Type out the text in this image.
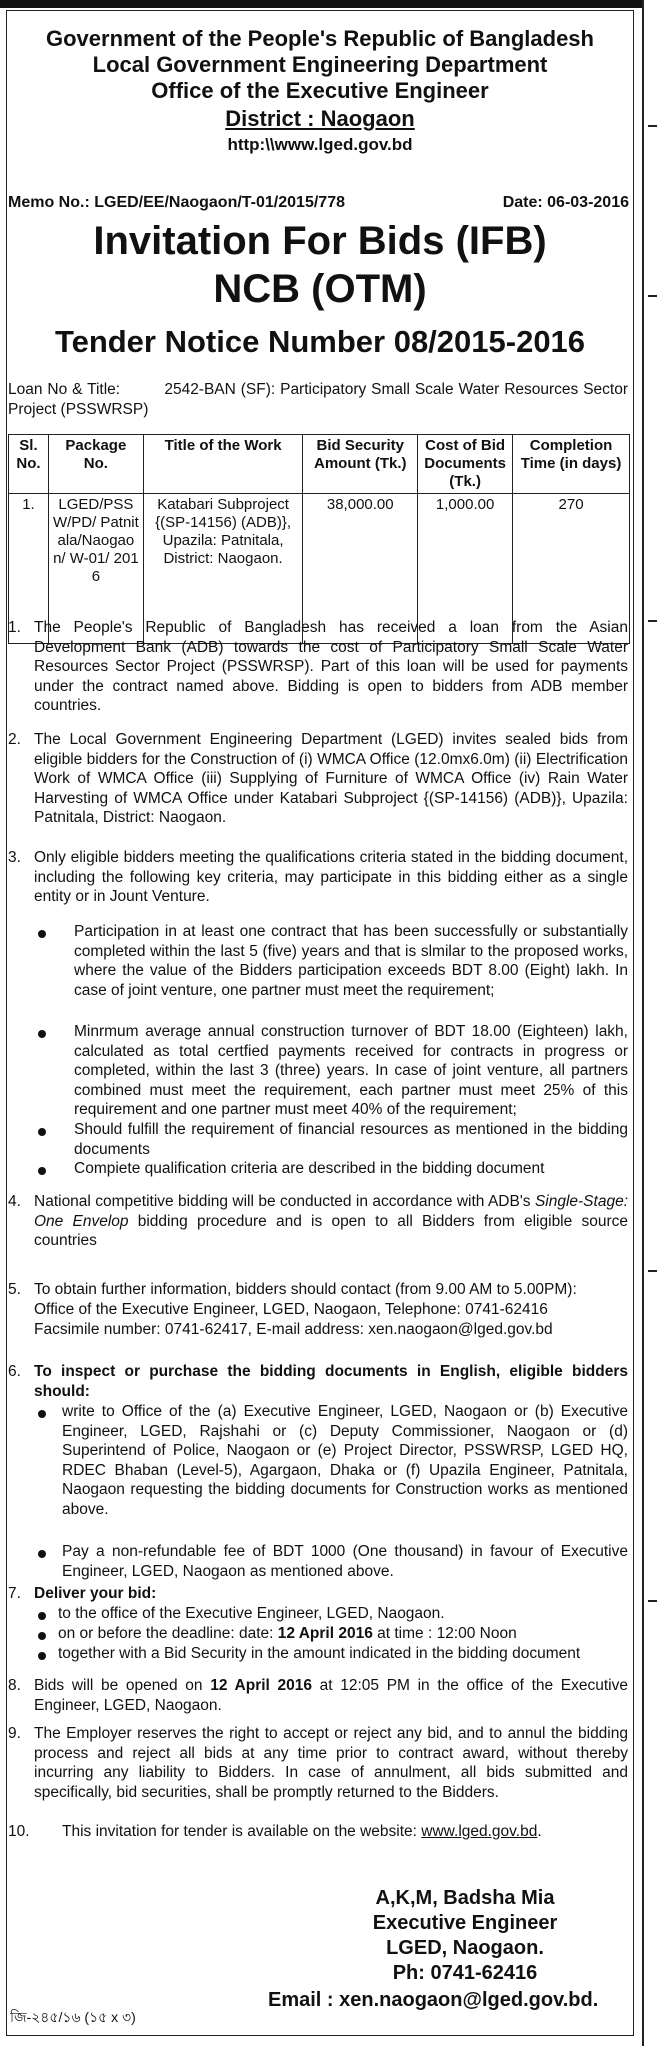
Government of the People's Republic of Bangladesh
Local Government Engineering Department
Office of the Executive Engineer
District : Naogaon
http:\\www.lged.gov.bd
Memo No.: LGED/EE/Naogaon/T-01/2015/778	Date: 06-03-2016
Invitation For Bids (IFB)
NCB (OTM)
Tender Notice Number 08/2015-2016
Loan No & Title:	2542-BAN (SF): Participatory Small Scale Water Resources Sector Project (PSSWRSP)
Sl. No.	Package No.	Title of the Work	Bid Security Amount (Tk.)	Cost of Bid Documents (Tk.)	Completion Time (in days)
1.	LGED/PSSW/PD/ Patnitala/Naogaon/ W-01/ 2016	Katabari Subproject {(SP-14156) (ADB)}, Upazila: Patnitala, District: Naogaon.	38,000.00	1,000.00	270
1. The People's Republic of Bangladesh has received a loan from the Asian Development Bank (ADB) towards the cost of Participatory Small Scale Water Resources Sector Project (PSSWRSP). Part of this loan will be used for payments under the contract named above. Bidding is open to bidders from ADB member countries.
2. The Local Government Engineering Department (LGED) invites sealed bids from eligible bidders for the Construction of (i) WMCA Office (12.0mx6.0m) (ii) Electrification Work of WMCA Office (iii) Supplying of Furniture of WMCA Office (iv) Rain Water Harvesting of WMCA Office under Katabari Subproject {(SP-14156) (ADB)}, Upazila: Patnitala, District: Naogaon.
3. Only eligible bidders meeting the qualifications criteria stated in the bidding document, including the following key criteria, may participate in this bidding either as a single entity or in Jount Venture.
Participation in at least one contract that has been successfully or substantially completed within the last 5 (five) years and that is slmilar to the proposed works, where the value of the Bidders participation exceeds BDT 8.00 (Eight) lakh. In case of joint venture, one partner must meet the requirement;
Minrmum average annual construction turnover of BDT 18.00 (Eighteen) lakh, calculated as total certfied payments received for contracts in progress or completed, within the last 3 (three) years. In case of joint venture, all partners combined must meet the requirement, each partner must meet 25% of this requirement and one partner must meet 40% of the requirement;
Should fulfill the requirement of financial resources as mentioned in the bidding documents
Compiete qualification criteria are described in the bidding document
4. National competitive bidding will be conducted in accordance with ADB's Single-Stage: One Envelop bidding procedure and is open to all Bidders from eligible source countries
5. To obtain further information, bidders should contact (from 9.00 AM to 5.00PM):
Office of the Executive Engineer, LGED, Naogaon, Telephone: 0741-62416
Facsimile number: 0741-62417, E-mail address: xen.naogaon@lged.gov.bd
6. To inspect or purchase the bidding documents in English, eligible bidders should:
write to Office of the (a) Executive Engineer, LGED, Naogaon or (b) Executive Engineer, LGED, Rajshahi or (c) Deputy Commissioner, Naogaon or (d) Superintend of Police, Naogaon or (e) Project Director, PSSWRSP, LGED HQ, RDEC Bhaban (Level-5), Agargaon, Dhaka or (f) Upazila Engineer, Patnitala, Naogaon requesting the bidding documents for Construction works as mentioned above.
Pay a non-refundable fee of BDT 1000 (One thousand) in favour of Executive Engineer, LGED, Naogaon as mentioned above.
7. Deliver your bid:
to the office of the Executive Engineer, LGED, Naogaon.
on or before the deadline: date: 12 April 2016 at time : 12:00 Noon
together with a Bid Security in the amount indicated in the bidding document
8. Bids will be opened on 12 April 2016 at 12:05 PM in the office of the Executive Engineer, LGED, Naogaon.
9. The Employer reserves the right to accept or reject any bid, and to annul the bidding process and reject all bids at any time prior to contract award, without thereby incurring any liability to Bidders. In case of annulment, all bids submitted and specifically, bid securities, shall be promptly returned to the Bidders.
10. This invitation for tender is available on the website: www.lged.gov.bd.
A,K,M, Badsha Mia
Executive Engineer
LGED, Naogaon.
Ph: 0741-62416
Email : xen.naogaon@lged.gov.bd.
জি-২৪৫/১৬ (১৫ x ৩)
